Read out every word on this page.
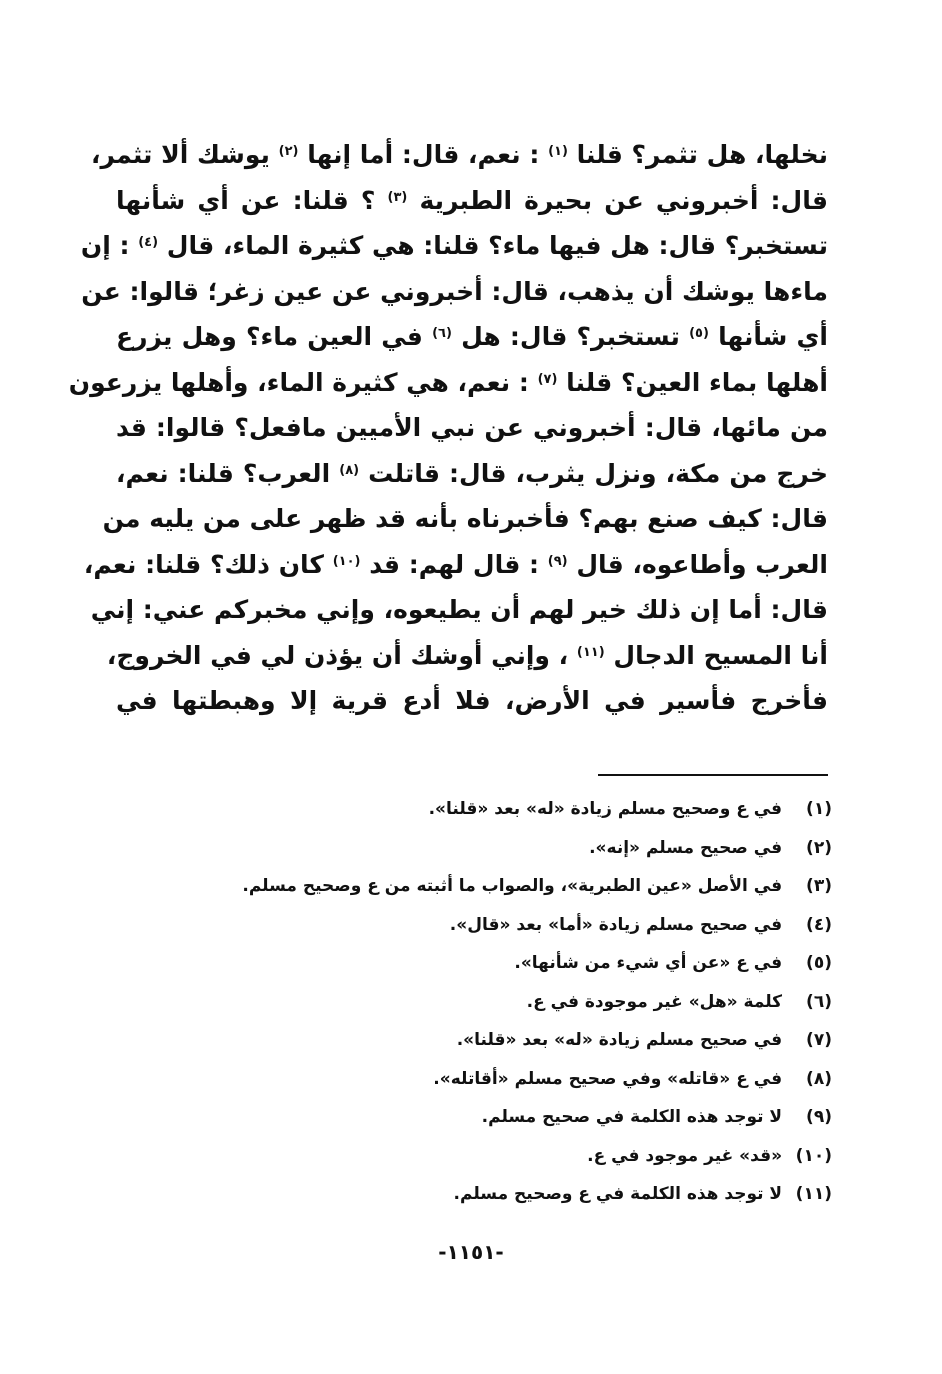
نخلها، هل تثمر؟ قلنا $^{(١)}$ : نعم، قال: أما إنها $^{(٢)}$ يوشك ألا تثمر،
قال: أخبروني عن بحيرة الطبرية $^{(٣)}$ ؟ قلنا: عن أي شأنها
تستخبر؟ قال: هل فيها ماء؟ قلنا: هي كثيرة الماء، قال $^{(٤)}$ : إن
ماءها يوشك أن يذهب، قال: أخبروني عن عين زغر؛ قالوا: عن
أي شأنها $^{(٥)}$ تستخبر؟ قال: هل $^{(٦)}$ في العين ماء؟ وهل يزرع
أهلها بماء العين؟ قلنا $^{(٧)}$ : نعم، هي كثيرة الماء، وأهلها يزرعون
من مائها، قال: أخبروني عن نبي الأميين مافعل؟ قالوا: قد
خرج من مكة، ونزل يثرب، قال: قاتلت $^{(٨)}$ العرب؟ قلنا: نعم،
قال: كيف صنع بهم؟ فأخبرناه بأنه قد ظهر على من يليه من
العرب وأطاعوه، قال $^{(٩)}$ : قال لهم: قد $^{(١٠)}$ كان ذلك؟ قلنا: نعم،
قال: أما إن ذلك خير لهم أن يطيعوه، وإني مخبركم عني: إني
أنا المسيح الدجال $^{(١١)}$ ، وإني أوشك أن يؤذن لي في الخروج،
فأخرج فأسير في الأرض، فلا أدع قرية إلا وهبطتها في
(١) في ع وصحيح مسلم زيادة «له» بعد «قلنا».
(٢) في صحيح مسلم «إنه».
(٣) في الأصل «عين الطبرية»، والصواب ما أثبته من ع وصحيح مسلم.
(٤) في صحيح مسلم زيادة «أما» بعد «قال».
(٥) في ع «عن أي شيء من شأنها».
(٦) كلمة «هل» غير موجودة في ع.
(٧) في صحيح مسلم زيادة «له» بعد «قلنا».
(٨) في ع «قاتله» وفي صحيح مسلم «أقاتله».
(٩) لا توجد هذه الكلمة في صحيح مسلم.
(١٠) «قد» غير موجود في ع.
(١١) لا توجد هذه الكلمة في ع وصحيح مسلم.
-١١٥١-
